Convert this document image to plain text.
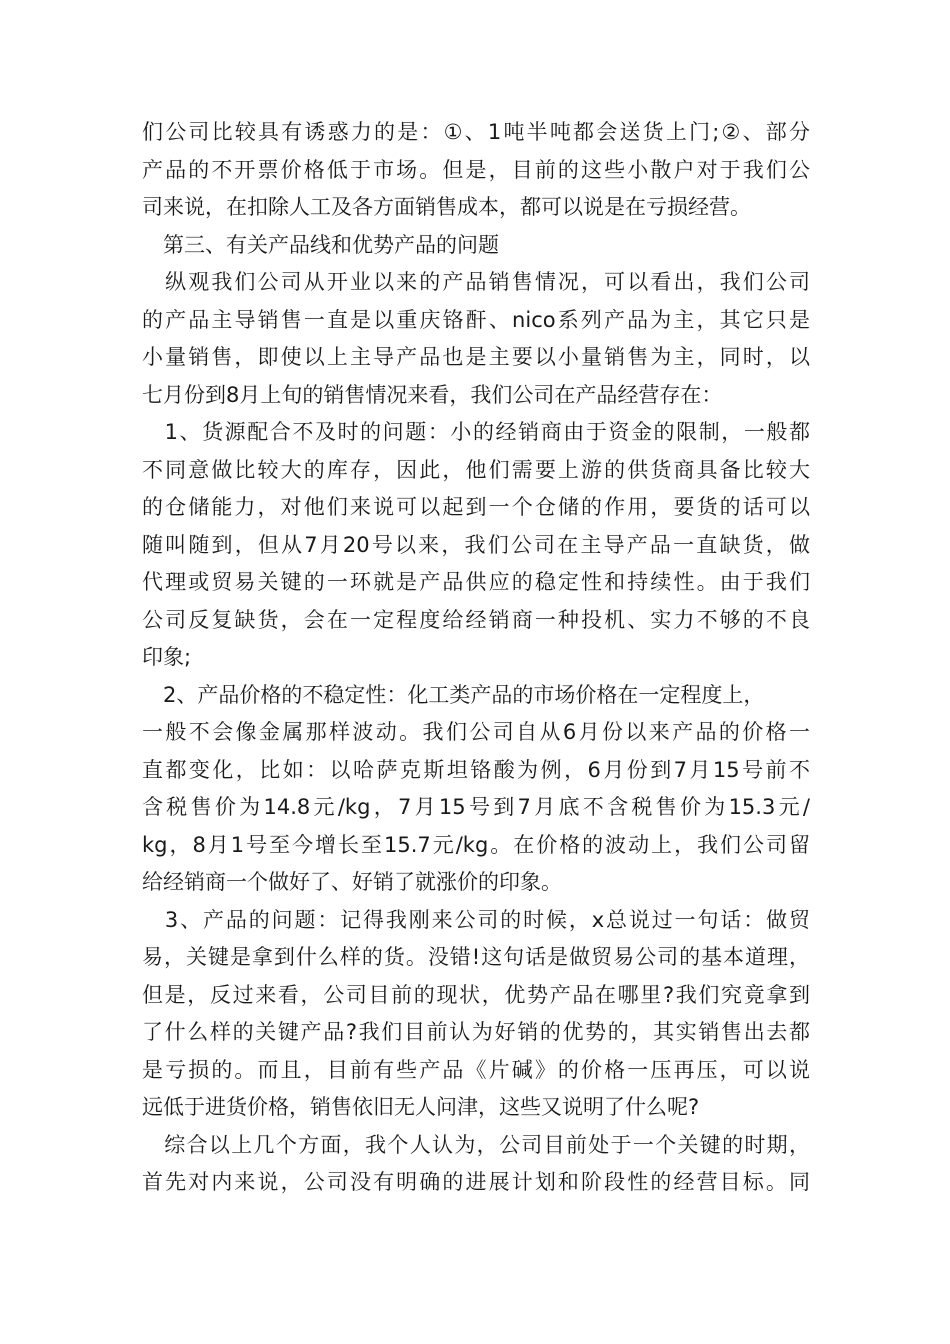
们公司比较具有诱惑力的是：①、1吨半吨都会送货上门;②、部分
产品的不开票价格低于市场。但是，目前的这些小散户对于我们公
司来说，在扣除人工及各方面销售成本，都可以说是在亏损经营。
　第三、有关产品线和优势产品的问题
　纵观我们公司从开业以来的产品销售情况，可以看出，我们公司
的产品主导销售一直是以重庆铬酐、nico系列产品为主，其它只是
小量销售，即使以上主导产品也是主要以小量销售为主，同时，以
七月份到8月上旬的销售情况来看，我们公司在产品经营存在：
　1、货源配合不及时的问题：小的经销商由于资金的限制，一般都
不同意做比较大的库存，因此，他们需要上游的供货商具备比较大
的仓储能力，对他们来说可以起到一个仓储的作用，要货的话可以
随叫随到，但从7月20号以来，我们公司在主导产品一直缺货，做
代理或贸易关键的一环就是产品供应的稳定性和持续性。由于我们
公司反复缺货，会在一定程度给经销商一种投机、实力不够的不良
印象;
　2、产品价格的不稳定性：化工类产品的市场价格在一定程度上，
一般不会像金属那样波动。我们公司自从6月份以来产品的价格一
直都变化，比如：以哈萨克斯坦铬酸为例，6月份到7月15号前不
含税售价为14.8元/kg，7月15号到7月底不含税售价为15.3元/
kg，8月1号至今增长至15.7元/kg。在价格的波动上，我们公司留
给经销商一个做好了、好销了就涨价的印象。
　3、产品的问题：记得我刚来公司的时候，x总说过一句话：做贸
易，关键是拿到什么样的货。没错!这句话是做贸易公司的基本道理，
但是，反过来看，公司目前的现状，优势产品在哪里?我们究竟拿到
了什么样的关键产品?我们目前认为好销的优势的，其实销售出去都
是亏损的。而且，目前有些产品《片碱》的价格一压再压，可以说
远低于进货价格，销售依旧无人问津，这些又说明了什么呢?
　综合以上几个方面，我个人认为，公司目前处于一个关键的时期，
首先对内来说，公司没有明确的进展计划和阶段性的经营目标。同
